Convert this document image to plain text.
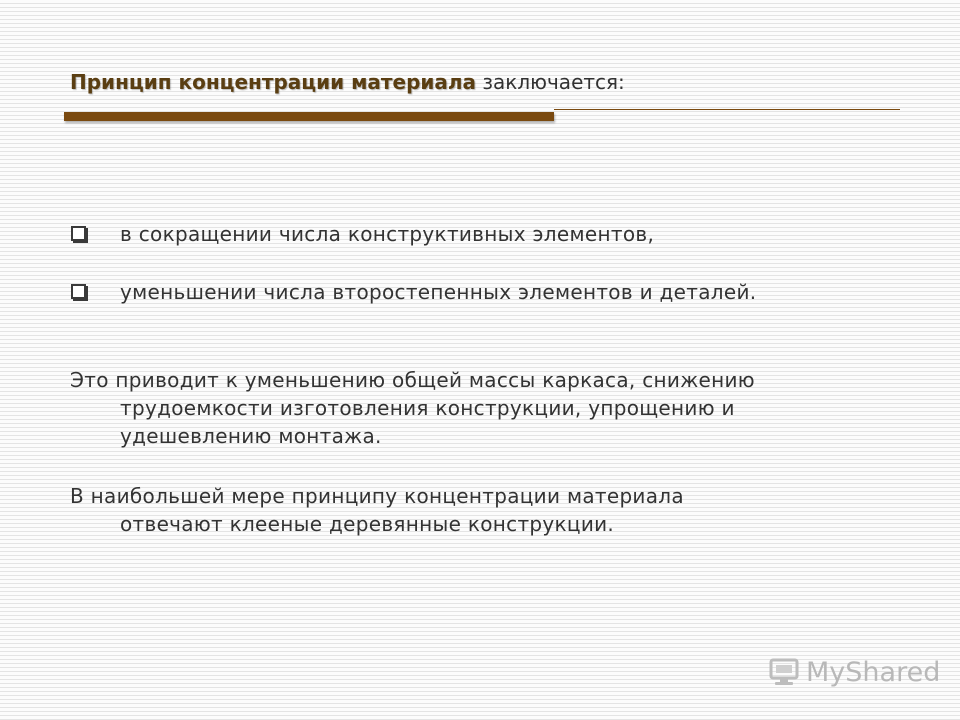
Принцип концентрации материала заключается:
в сокращении числа конструктивных элементов,
уменьшении числа второстепенных элементов и деталей.
Это приводит к уменьшению общей массы каркаса, снижению
трудоемкости изготовления конструкции, упрощению и
удешевлению монтажа.
В наибольшей мере принципу концентрации материала
отвечают клееные деревянные конструкции.
MyShared
